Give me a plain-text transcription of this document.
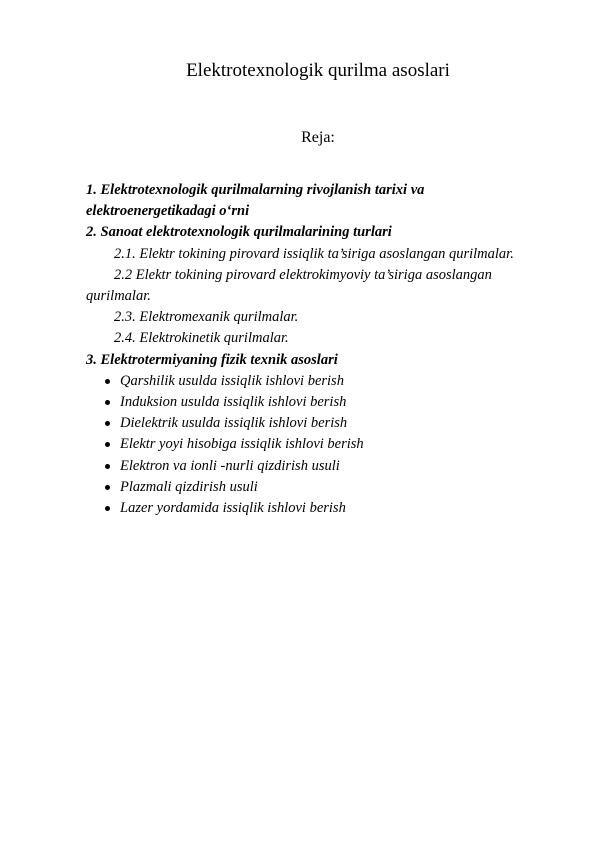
Elektrotexnologik qurilma asoslari
Reja:

1. Elektrotexnologik qurilmalarning rivojlanish tarixi va elektroenergetikadagi o‘rni

2. Sanoat elektrotexnologik qurilmalarining turlari

2.1. Elektr tokining pirovard issiqlik ta’siriga asoslangan qurilmalar.

2.2 Elektr tokining pirovard elektrokimyoviy ta’siriga asoslangan qurilmalar.

2.3. Elektromexanik qurilmalar.

2.4. Elektrokinetik qurilmalar.

3. Elektrotermiyaning fizik texnik asoslari

Qarshilik usulda issiqlik ishlovi berish
Induksion usulda issiqlik ishlovi berish
Dielektrik usulda issiqlik ishlovi berish
Elektr yoyi hisobiga issiqlik ishlovi berish
Elektron va ionli -nurli qizdirish usuli
Plazmali qizdirish usuli
Lazer yordamida issiqlik ishlovi berish
